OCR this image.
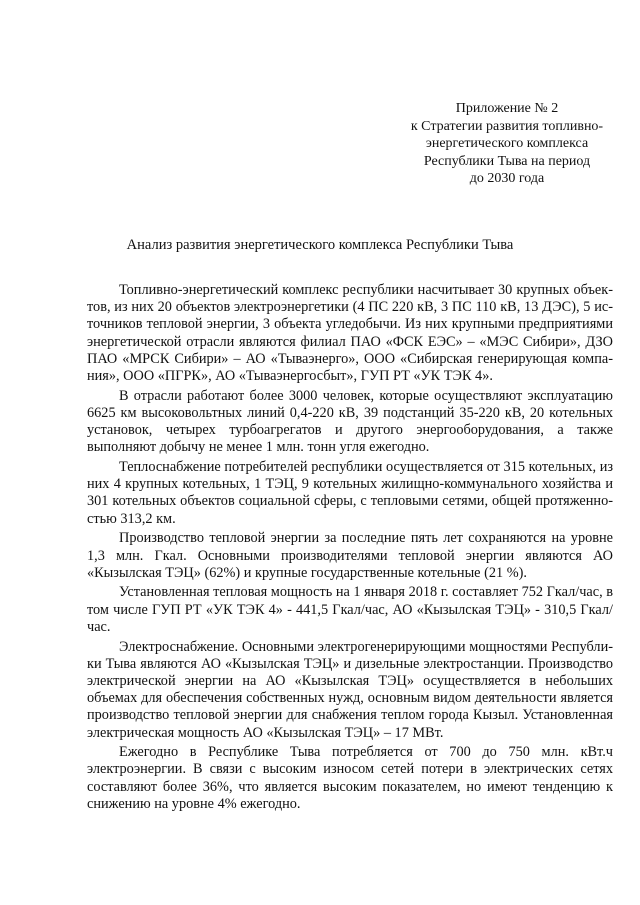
Приложение № 2
к Стратегии развития топливно-
энергетического комплекса
Республики Тыва на период
до 2030 года
Анализ развития энергетического комплекса Республики Тыва

Топливно-энергетический комплекс республики насчитывает 30 крупных объектов, из них 20 объектов электроэнергетики (4 ПС 220 кВ, 3 ПС 110 кВ, 13 ДЭС), 5 источников тепловой энергии, 3 объекта угледобычи. Из них крупными предприятиями энергетической отрасли являются филиал ПАО «ФСК ЕЭС» – «МЭС Сибири», ДЗО ПАО «МРСК Сибири» – АО «Тываэнерго», ООО «Сибирская генерирующая компания», ООО «ПГРК», АО «Тываэнергосбыт», ГУП РТ «УК ТЭК 4».

В отрасли работают более 3000 человек, которые осуществляют эксплуатацию 6625 км высоковольтных линий 0,4-220 кВ, 39 подстанций 35-220 кВ, 20 котельных установок, четырех турбоагрегатов и другого энергооборудования, а также выполняют добычу не менее 1 млн. тонн угля ежегодно.

Теплоснабжение потребителей республики осуществляется от 315 котельных, из них 4 крупных котельных, 1 ТЭЦ, 9 котельных жилищно-коммунального хозяйства и 301 котельных объектов социальной сферы, с тепловыми сетями, общей протяженностью 313,2 км.

Производство тепловой энергии за последние пять лет сохраняются на уровне 1,3 млн. Гкал. Основными производителями тепловой энергии являются АО «Кызылская ТЭЦ» (62%) и крупные государственные котельные (21 %).

Установленная тепловая мощность на 1 января 2018 г. составляет 752 Гкал/час, в том числе ГУП РТ «УК ТЭК 4» - 441,5 Гкал/час, АО «Кызылская ТЭЦ» - 310,5 Гкал/час.

Электроснабжение. Основными электрогенерирующими мощностями Республики Тыва являются АО «Кызылская ТЭЦ» и дизельные электростанции. Производство электрической энергии на АО «Кызылская ТЭЦ» осуществляется в небольших объемах для обеспечения собственных нужд, основным видом деятельности является производство тепловой энергии для снабжения теплом города Кызыл. Установленная электрическая мощность АО «Кызылская ТЭЦ» – 17 МВт.

Ежегодно в Республике Тыва потребляется от 700 до 750 млн. кВт.ч электроэнергии. В связи с высоким износом сетей потери в электрических сетях составляют более 36%, что является высоким показателем, но имеют тенденцию к снижению на уровне 4% ежегодно.
